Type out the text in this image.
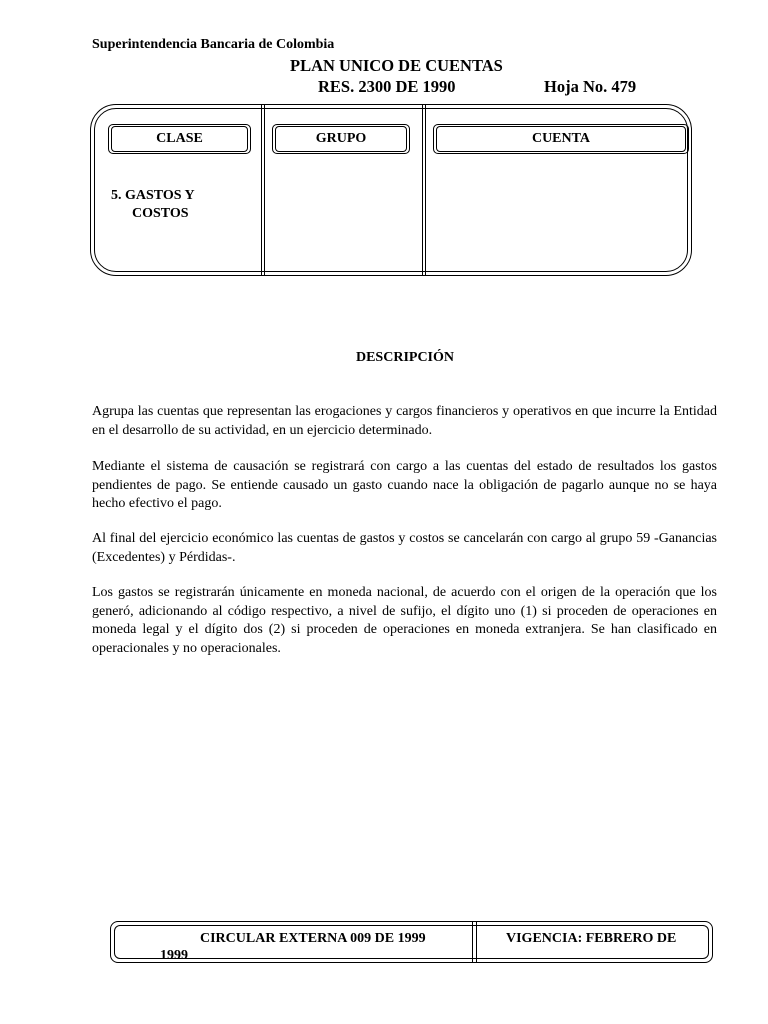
Superintendencia Bancaria de Colombia
PLAN UNICO DE CUENTAS
RES. 2300 DE 1990	Hoja No. 479
CLASE	GRUPO	CUENTA
5. GASTOS Y
COSTOS
DESCRIPCIÓN
Agrupa las cuentas que representan las erogaciones y cargos financieros y operativos en que incurre la Entidad en el desarrollo de su actividad, en un ejercicio determinado.
Mediante el sistema de causación se registrará con cargo a las cuentas del estado de resultados los gastos pendientes de pago. Se entiende causado un gasto cuando nace la obligación de pagarlo aunque no se haya hecho efectivo el pago.
Al final del ejercicio económico las cuentas de gastos y costos se cancelarán con cargo al grupo 59 -Ganancias (Excedentes) y Pérdidas-.
Los gastos se registrarán únicamente en moneda nacional, de acuerdo con el origen de la operación que los generó, adicionando al código respectivo, a nivel de sufijo, el dígito uno (1) si proceden de operaciones en moneda legal y el dígito dos (2) si proceden de operaciones en moneda extranjera. Se han clasificado en operacionales y no operacionales.
CIRCULAR EXTERNA 009 DE 1999	VIGENCIA: FEBRERO DE
1999
